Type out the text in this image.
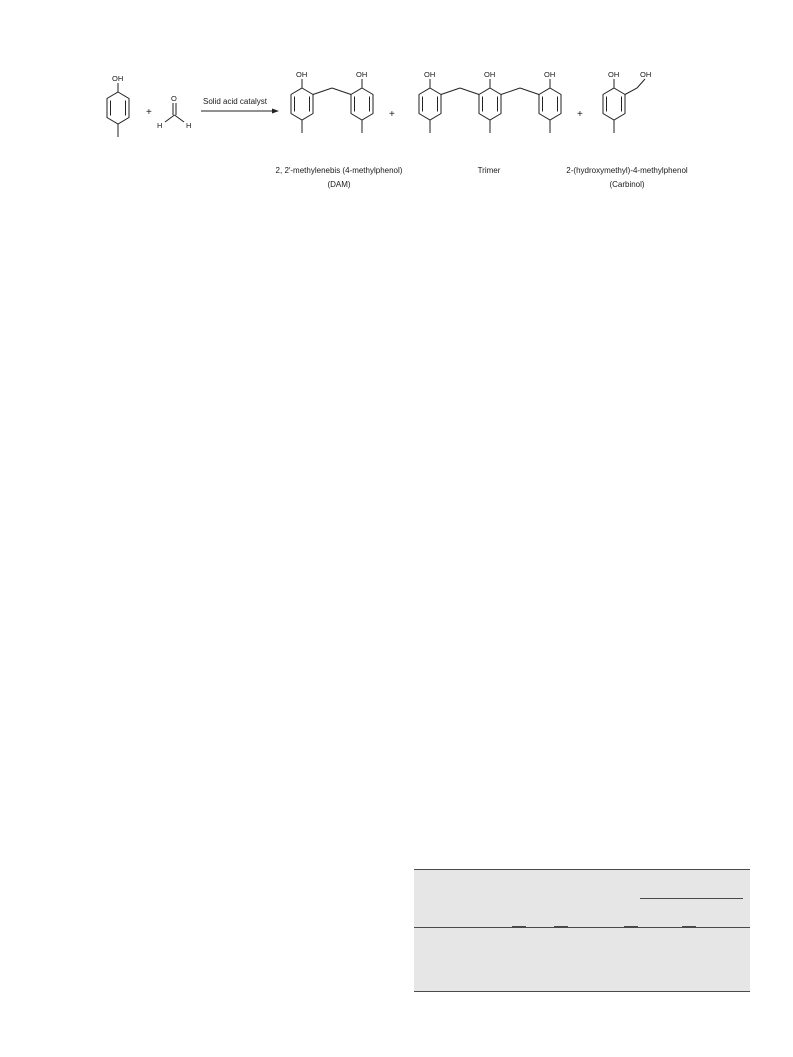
OH
+
O
H	H
Solid acid catalyst
OH	OH
+
OH	OH	OH
+
OH	OH
2, 2′-methylenebis (4-methylphenol)
(DAM)
Trimer	2-(hydroxymethyl)-4-methylphenol
(Carbinol)
